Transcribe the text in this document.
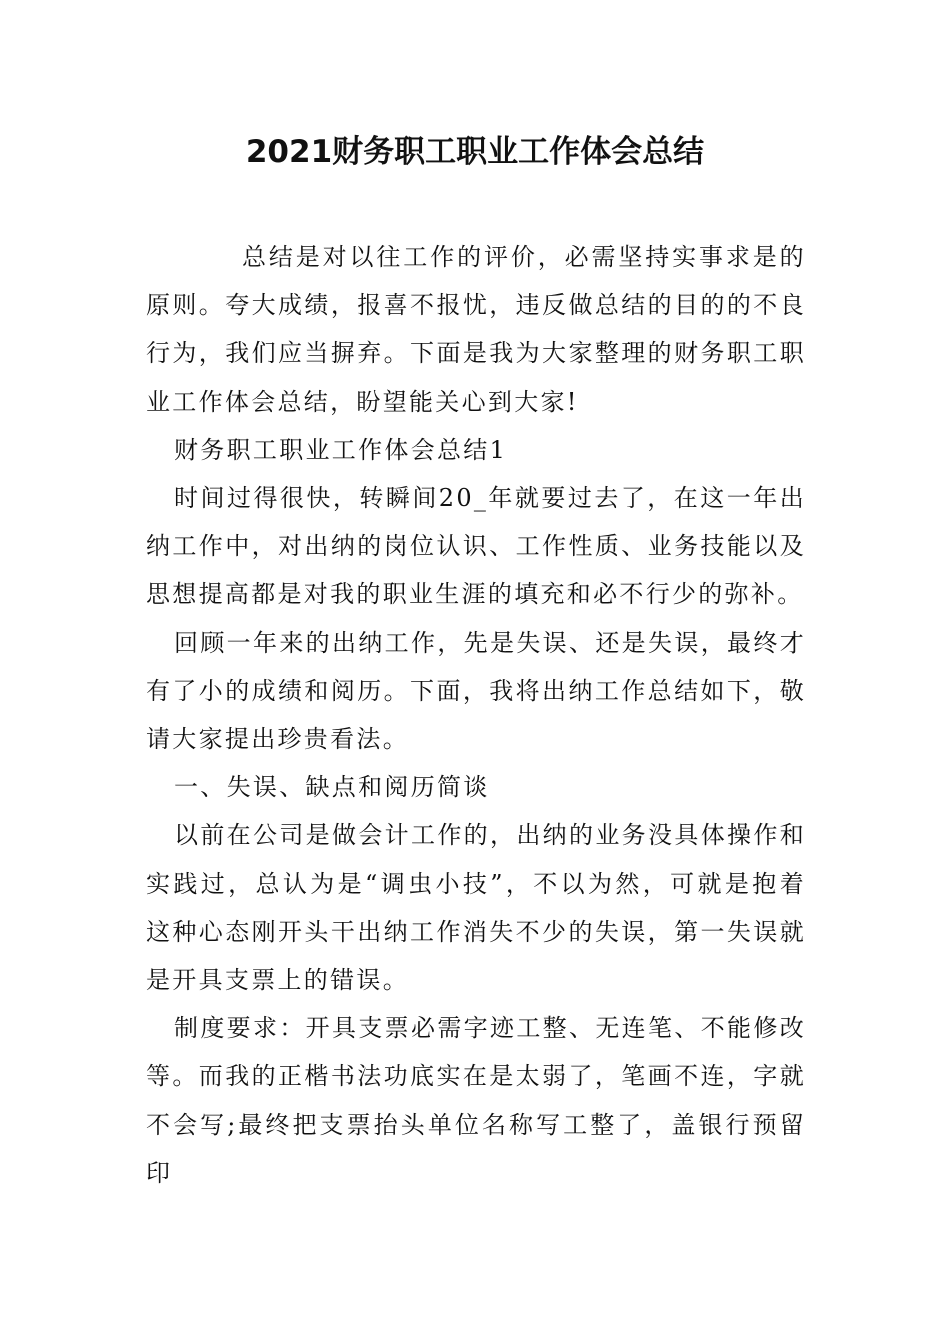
2021财务职工职业工作体会总结

总结是对以往工作的评价，必需坚持实事求是的原则。夸大成绩，报喜不报忧，违反做总结的目的的不良行为，我们应当摒弃。下面是我为大家整理的财务职工职业工作体会总结，盼望能关心到大家!

财务职工职业工作体会总结1

时间过得很快，转瞬间20_年就要过去了，在这一年出纳工作中，对出纳的岗位认识、工作性质、业务技能以及思想提高都是对我的职业生涯的填充和必不行少的弥补。

回顾一年来的出纳工作，先是失误、还是失误，最终才有了小的成绩和阅历。下面，我将出纳工作总结如下，敬请大家提出珍贵看法。

一、失误、缺点和阅历简谈

以前在公司是做会计工作的，出纳的业务没具体操作和实践过，总认为是“调虫小技”，不以为然，可就是抱着这种心态刚开头干出纳工作消失不少的失误，第一失误就是开具支票上的错误。

制度要求：开具支票必需字迹工整、无连笔、不能修改等。而我的正楷书法功底实在是太弱了，笔画不连，字就不会写;最终把支票抬头单位名称写工整了，盖银行预留印
